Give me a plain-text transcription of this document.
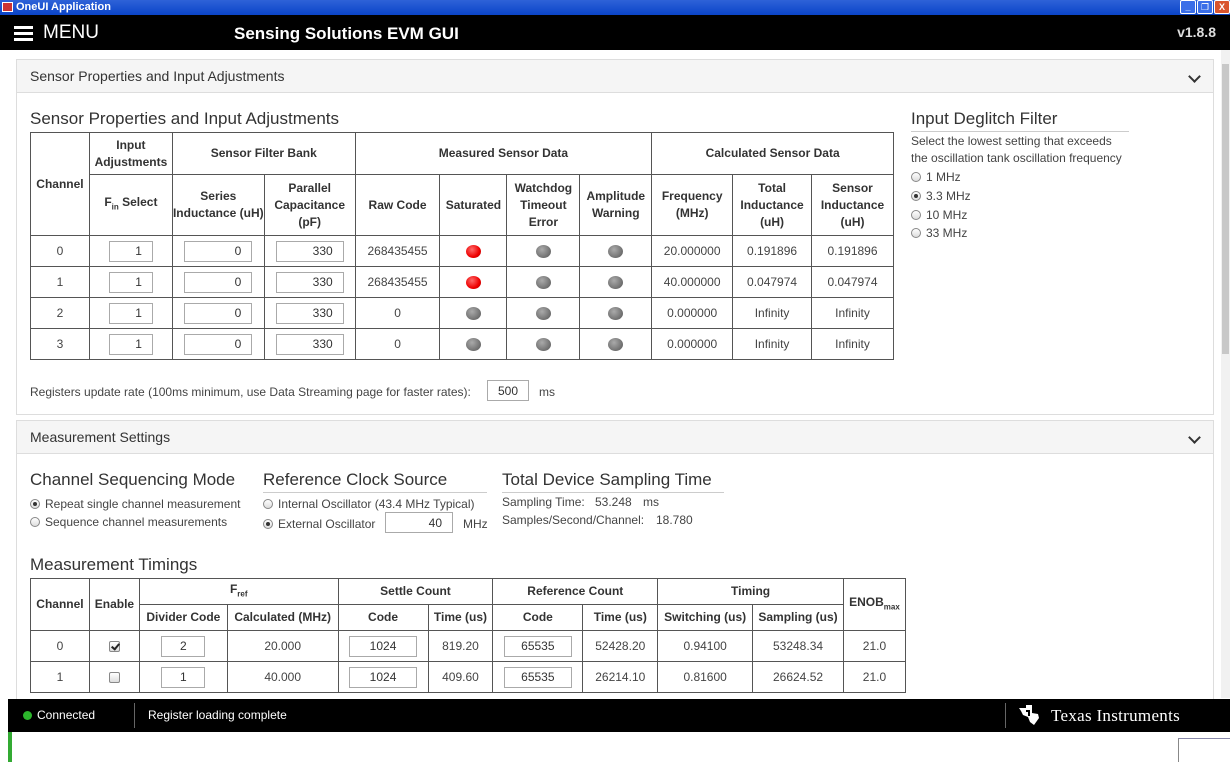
OneUI Application	_	❐	X
MENU	Sensing Solutions EVM GUI	v1.8.8
Sensor Properties and Input Adjustments
Sensor Properties and Input Adjustments
Channel	Input Adjustments	Sensor Filter Bank		Measured Sensor Data				Calculated Sensor Data		
	$F_{in}$ Select	Series Inductance (uH)	Parallel Capacitance (pF)	Raw Code	Saturated	Watchdog Timeout Error	Amplitude Warning	Frequency (MHz)	Total Inductance (uH)	Sensor Inductance (uH)
0	1	0	330	268435455				20.000000	0.191896	0.191896
1	1	0	330	268435455				40.000000	0.047974	0.047974
2	1	0	330	0				0.000000	Infinity	Infinity
3	1	0	330	0				0.000000	Infinity	Infinity
Input Deglitch Filter
Select the lowest setting that exceeds
the oscillation tank oscillation frequency
1 MHz
3.3 MHz
10 MHz
33 MHz
Registers update rate (100ms minimum, use Data Streaming page for faster rates):
500	ms
Measurement Settings
Channel Sequencing Mode
Repeat single channel measurement
Sequence channel measurements
Reference Clock Source
Internal Oscillator (43.4 MHz Typical)
External Oscillator
40	MHz
Total Device Sampling Time
Sampling Time: 53.248 ms
Samples/Second/Channel: 18.780
Measurement Timings
Channel	Enable	$F_{ref}$		Settle Count		Reference Count		Timing		$ENOB_{max}$
		Divider Code	Calculated (MHz)	Code	Time (us)	Code	Time (us)	Switching (us)	Sampling (us)	
0		2	20.000	1024	819.20	65535	52428.20	0.94100	53248.34	21.0
1		1	40.000	1024	409.60	65535	26214.10	0.81600	26624.52	21.0
Connected	Register loading complete	Texas Instruments
